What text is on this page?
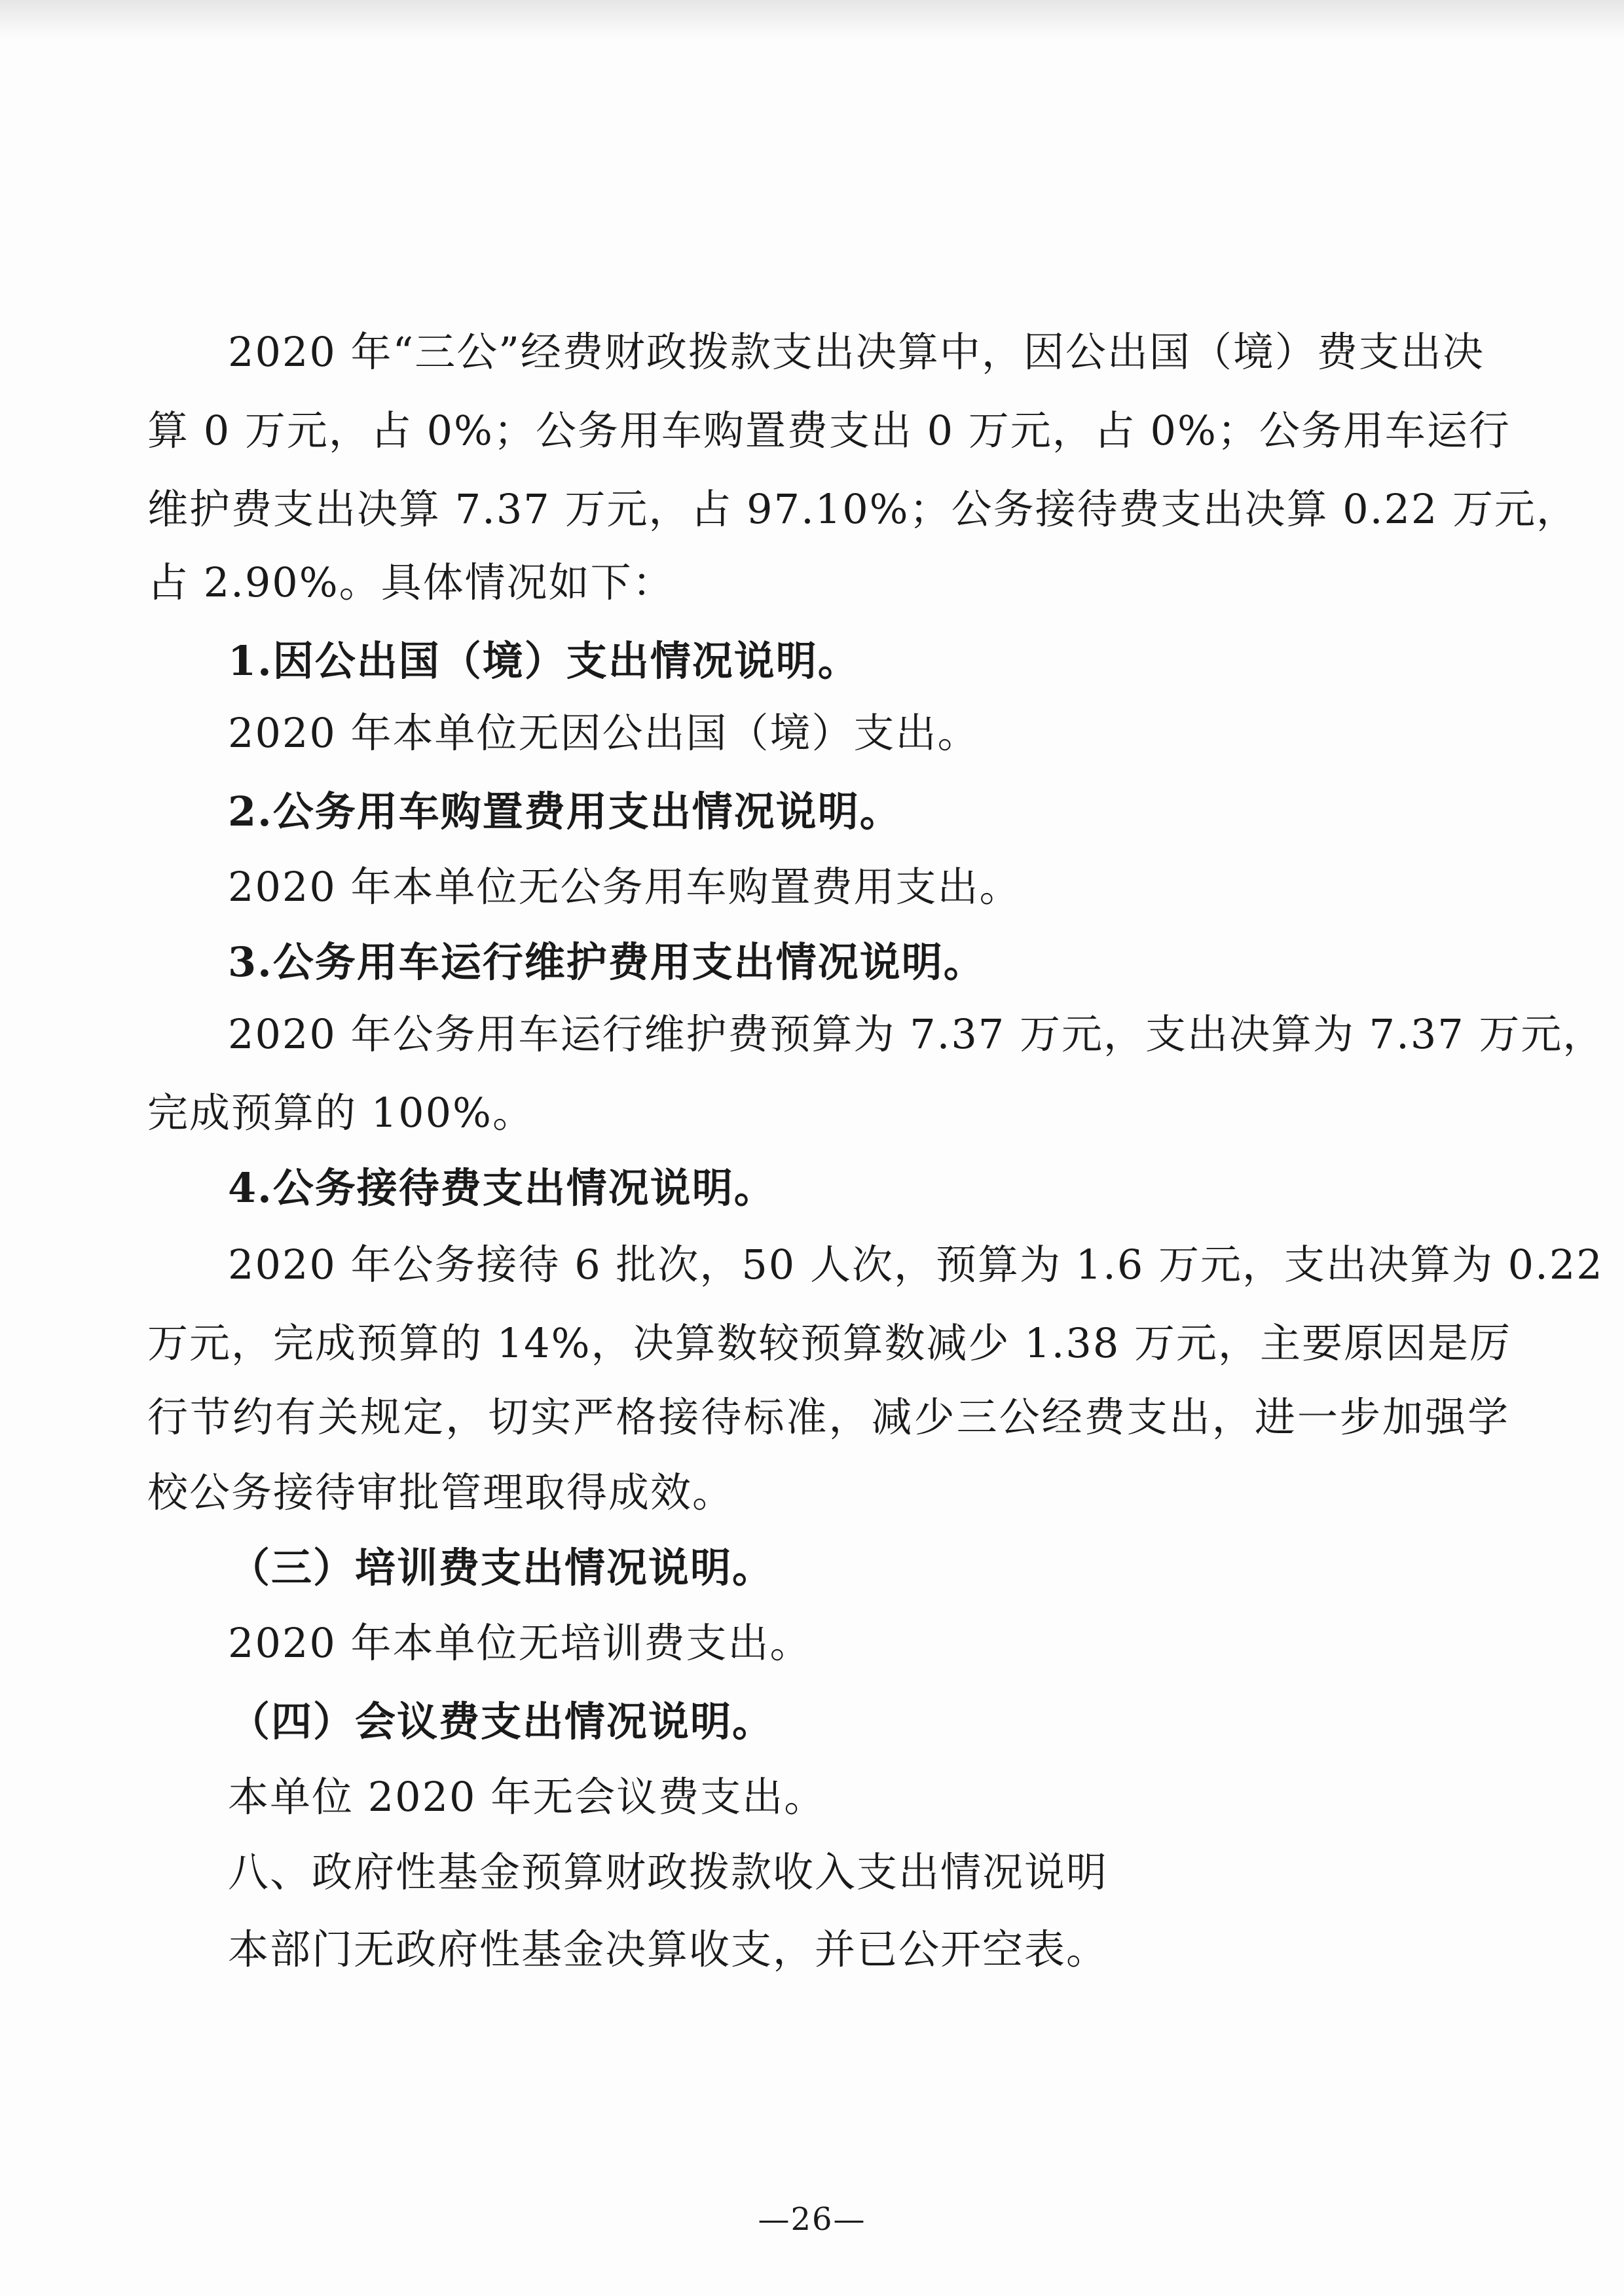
2020 年“三公”经费财政拨款支出决算中，因公出国（境）费支出决
算 0 万元，占 0%；公务用车购置费支出 0 万元，占 0%；公务用车运行
维护费支出决算 7.37 万元，占 97.10%；公务接待费支出决算 0.22 万元，
占 2.90%。具体情况如下：
1.因公出国（境）支出情况说明。
2020 年本单位无因公出国（境）支出。
2.公务用车购置费用支出情况说明。
2020 年本单位无公务用车购置费用支出。
3.公务用车运行维护费用支出情况说明。
2020 年公务用车运行维护费预算为 7.37 万元，支出决算为 7.37 万元，
完成预算的 100%。
4.公务接待费支出情况说明。
2020 年公务接待 6 批次，50 人次，预算为 1.6 万元，支出决算为 0.22
万元，完成预算的 14%，决算数较预算数减少 1.38 万元，主要原因是厉
行节约有关规定，切实严格接待标准，减少三公经费支出，进一步加强学
校公务接待审批管理取得成效。
（三）培训费支出情况说明。
2020 年本单位无培训费支出。
（四）会议费支出情况说明。
本单位 2020 年无会议费支出。
八、政府性基金预算财政拨款收入支出情况说明
本部门无政府性基金决算收支，并已公开空表。
—26—
